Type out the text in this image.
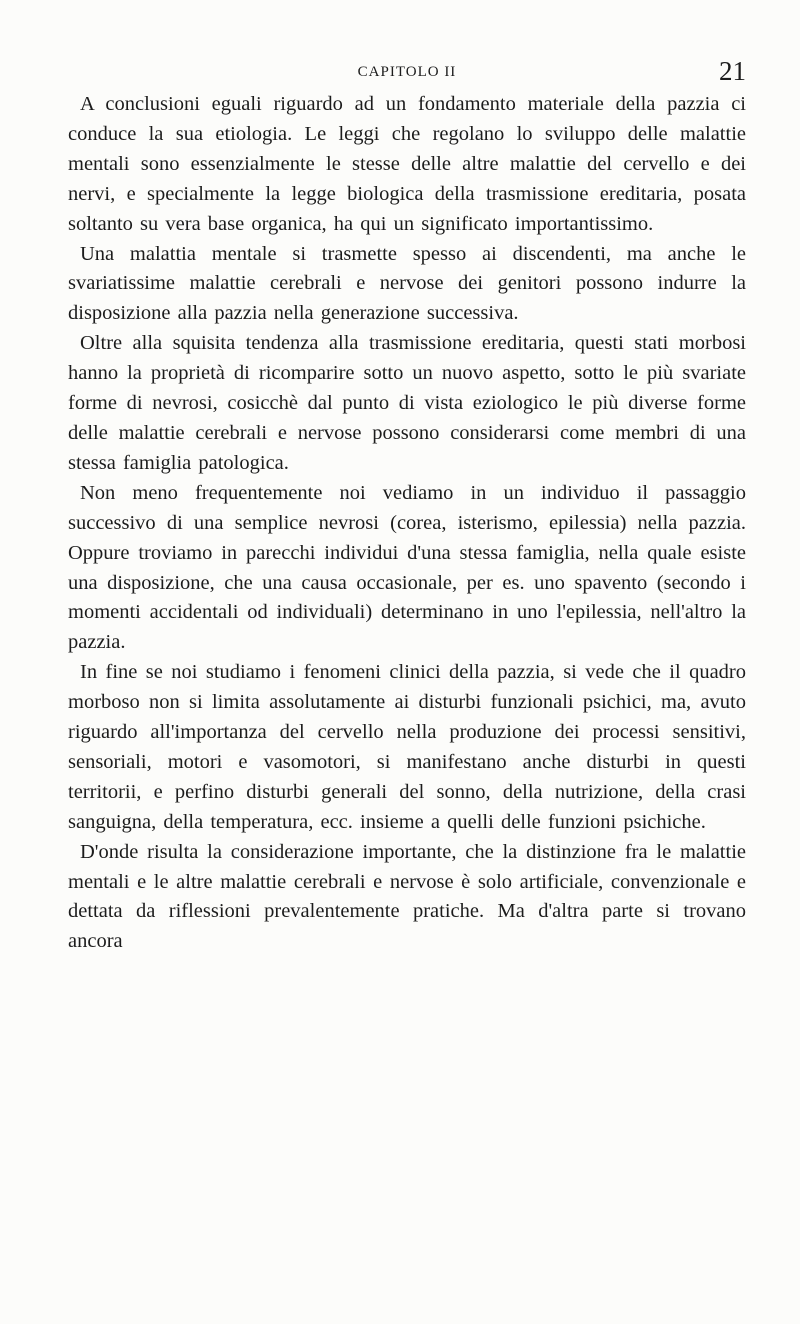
CAPITOLO II	21

A conclusioni eguali riguardo ad un fondamento materiale della pazzia ci conduce la sua etiologia. Le leggi che regolano lo sviluppo delle malattie mentali sono essenzialmente le stesse delle altre malattie del cervello e dei nervi, e specialmente la legge biologica della trasmissione ereditaria, posata soltanto su vera base organica, ha qui un significato importantissimo.

Una malattia mentale si trasmette spesso ai discendenti, ma anche le svariatissime malattie cerebrali e nervose dei genitori possono indurre la disposizione alla pazzia nella generazione successiva.

Oltre alla squisita tendenza alla trasmissione ereditaria, questi stati morbosi hanno la proprietà di ricomparire sotto un nuovo aspetto, sotto le più svariate forme di nevrosi, cosicchè dal punto di vista eziologico le più diverse forme delle malattie cerebrali e nervose possono considerarsi come membri di una stessa famiglia patologica.

Non meno frequentemente noi vediamo in un individuo il passaggio successivo di una semplice nevrosi (corea, isterismo, epilessia) nella pazzia. Oppure troviamo in parecchi individui d'una stessa famiglia, nella quale esiste una disposizione, che una causa occasionale, per es. uno spavento (secondo i momenti accidentali od individuali) determinano in uno l'epilessia, nell'altro la pazzia.

In fine se noi studiamo i fenomeni clinici della pazzia, si vede che il quadro morboso non si limita assolutamente ai disturbi funzionali psichici, ma, avuto riguardo all'importanza del cervello nella produzione dei processi sensitivi, sensoriali, motori e vasomotori, si manifestano anche disturbi in questi territorii, e perfino disturbi generali del sonno, della nutrizione, della crasi sanguigna, della temperatura, ecc. insieme a quelli delle funzioni psichiche.

D'onde risulta la considerazione importante, che la distinzione fra le malattie mentali e le altre malattie cerebrali e nervose è solo artificiale, convenzionale e dettata da riflessioni prevalentemente pratiche. Ma d'altra parte si trovano ancora
